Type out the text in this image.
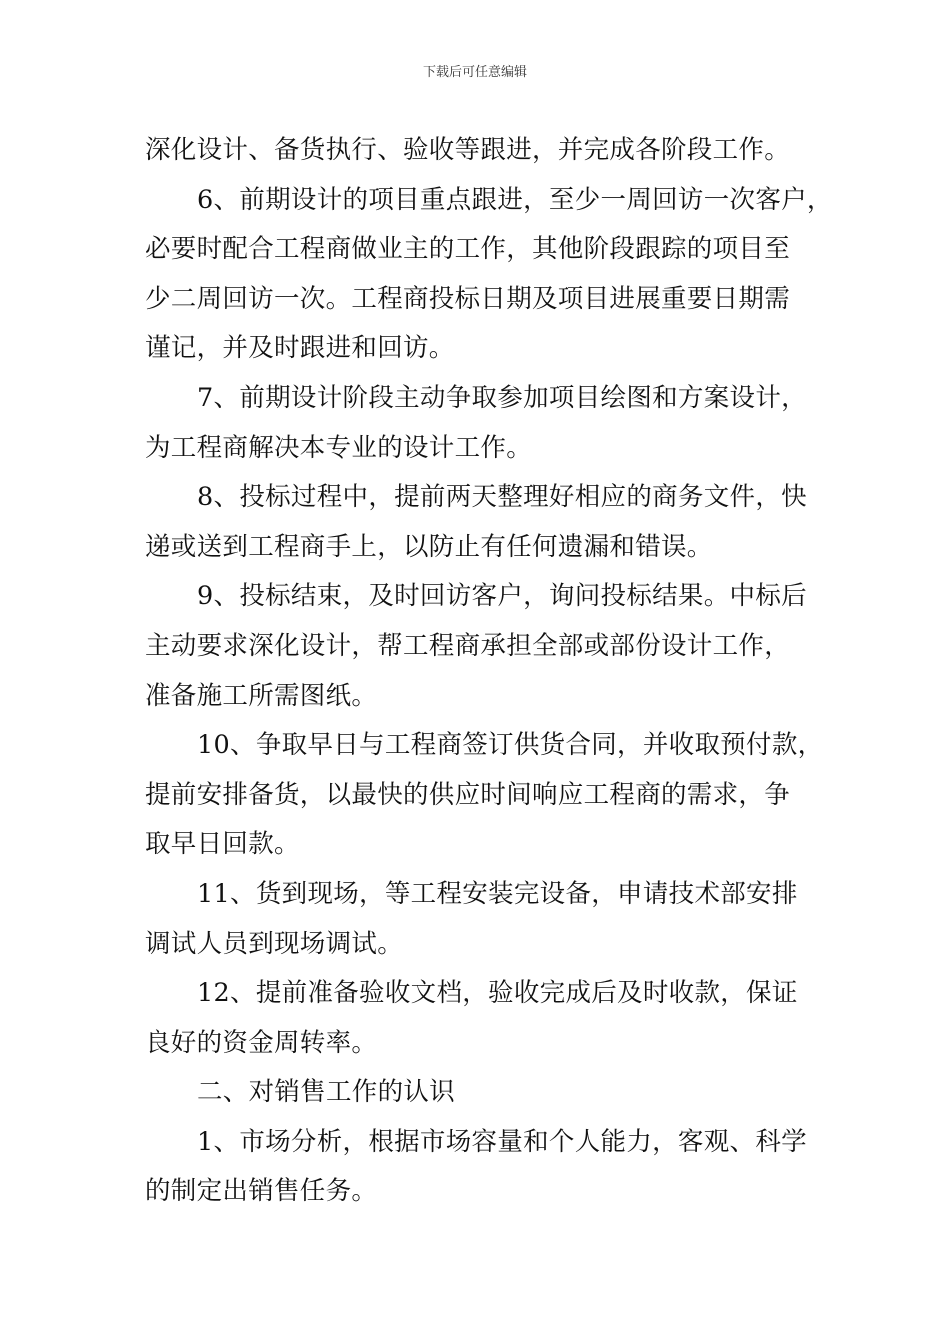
下载后可任意编辑
深化设计、备货执行、验收等跟进，并完成各阶段工作。
6、前期设计的项目重点跟进，至少一周回访一次客户，
必要时配合工程商做业主的工作，其他阶段跟踪的项目至
少二周回访一次。工程商投标日期及项目进展重要日期需
谨记，并及时跟进和回访。
7、前期设计阶段主动争取参加项目绘图和方案设计，
为工程商解决本专业的设计工作。
8、投标过程中，提前两天整理好相应的商务文件，快
递或送到工程商手上，以防止有任何遗漏和错误。
9、投标结束，及时回访客户，询问投标结果。中标后
主动要求深化设计，帮工程商承担全部或部份设计工作，
准备施工所需图纸。
10、争取早日与工程商签订供货合同，并收取预付款，
提前安排备货，以最快的供应时间响应工程商的需求，争
取早日回款。
11、货到现场，等工程安装完设备，申请技术部安排
调试人员到现场调试。
12、提前准备验收文档，验收完成后及时收款，保证
良好的资金周转率。
二、对销售工作的认识
1、市场分析，根据市场容量和个人能力，客观、科学
的制定出销售任务。
